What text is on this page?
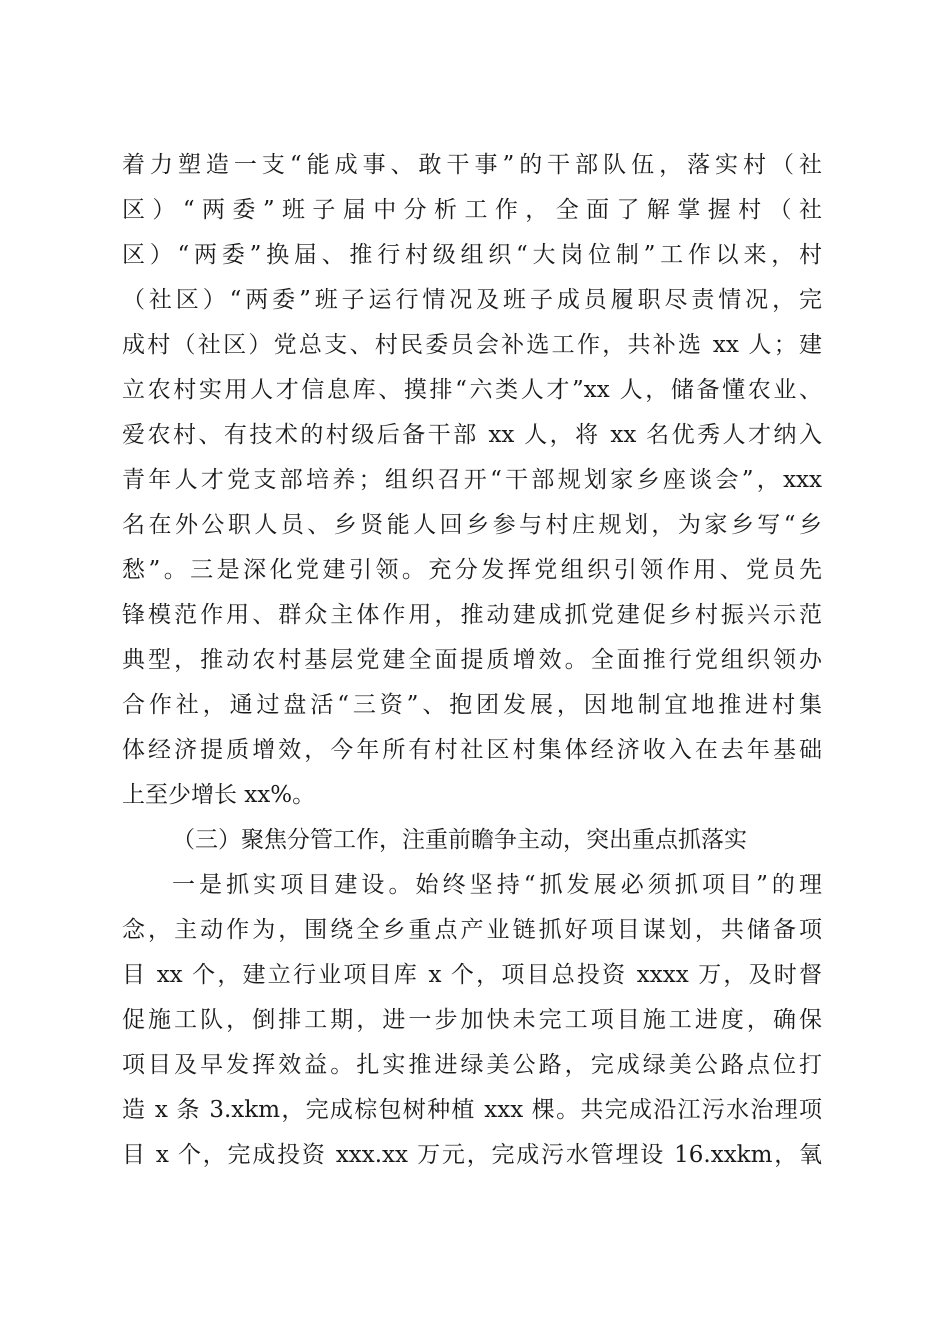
着力塑造一支“能成事、敢干事”的干部队伍，落实村（社
区）“两委”班子届中分析工作，全面了解掌握村（社
区）“两委”换届、推行村级组织“大岗位制”工作以来，村
（社区）“两委”班子运行情况及班子成员履职尽责情况，完
成村（社区）党总支、村民委员会补选工作，共补选 xx 人；建
立农村实用人才信息库、摸排“六类人才”xx 人，储备懂农业、
爱农村、有技术的村级后备干部 xx 人，将 xx 名优秀人才纳入
青年人才党支部培养；组织召开“干部规划家乡座谈会”，xxx
名在外公职人员、乡贤能人回乡参与村庄规划，为家乡写“乡
愁”。三是深化党建引领。充分发挥党组织引领作用、党员先
锋模范作用、群众主体作用，推动建成抓党建促乡村振兴示范
典型，推动农村基层党建全面提质增效。全面推行党组织领办
合作社，通过盘活“三资”、抱团发展，因地制宜地推进村集
体经济提质增效，今年所有村社区村集体经济收入在去年基础
上至少增长 xx%。
（三）聚焦分管工作，注重前瞻争主动，突出重点抓落实
一是抓实项目建设。始终坚持“抓发展必须抓项目”的理
念，主动作为，围绕全乡重点产业链抓好项目谋划，共储备项
目 xx 个，建立行业项目库 x 个，项目总投资 xxxx 万，及时督
促施工队，倒排工期，进一步加快未完工项目施工进度，确保
项目及早发挥效益。扎实推进绿美公路，完成绿美公路点位打
造 x 条 3.xkm，完成棕包树种植 xxx 棵。共完成沿江污水治理项
目 x 个，完成投资 xxx.xx 万元，完成污水管埋设 16.xxkm，氧
